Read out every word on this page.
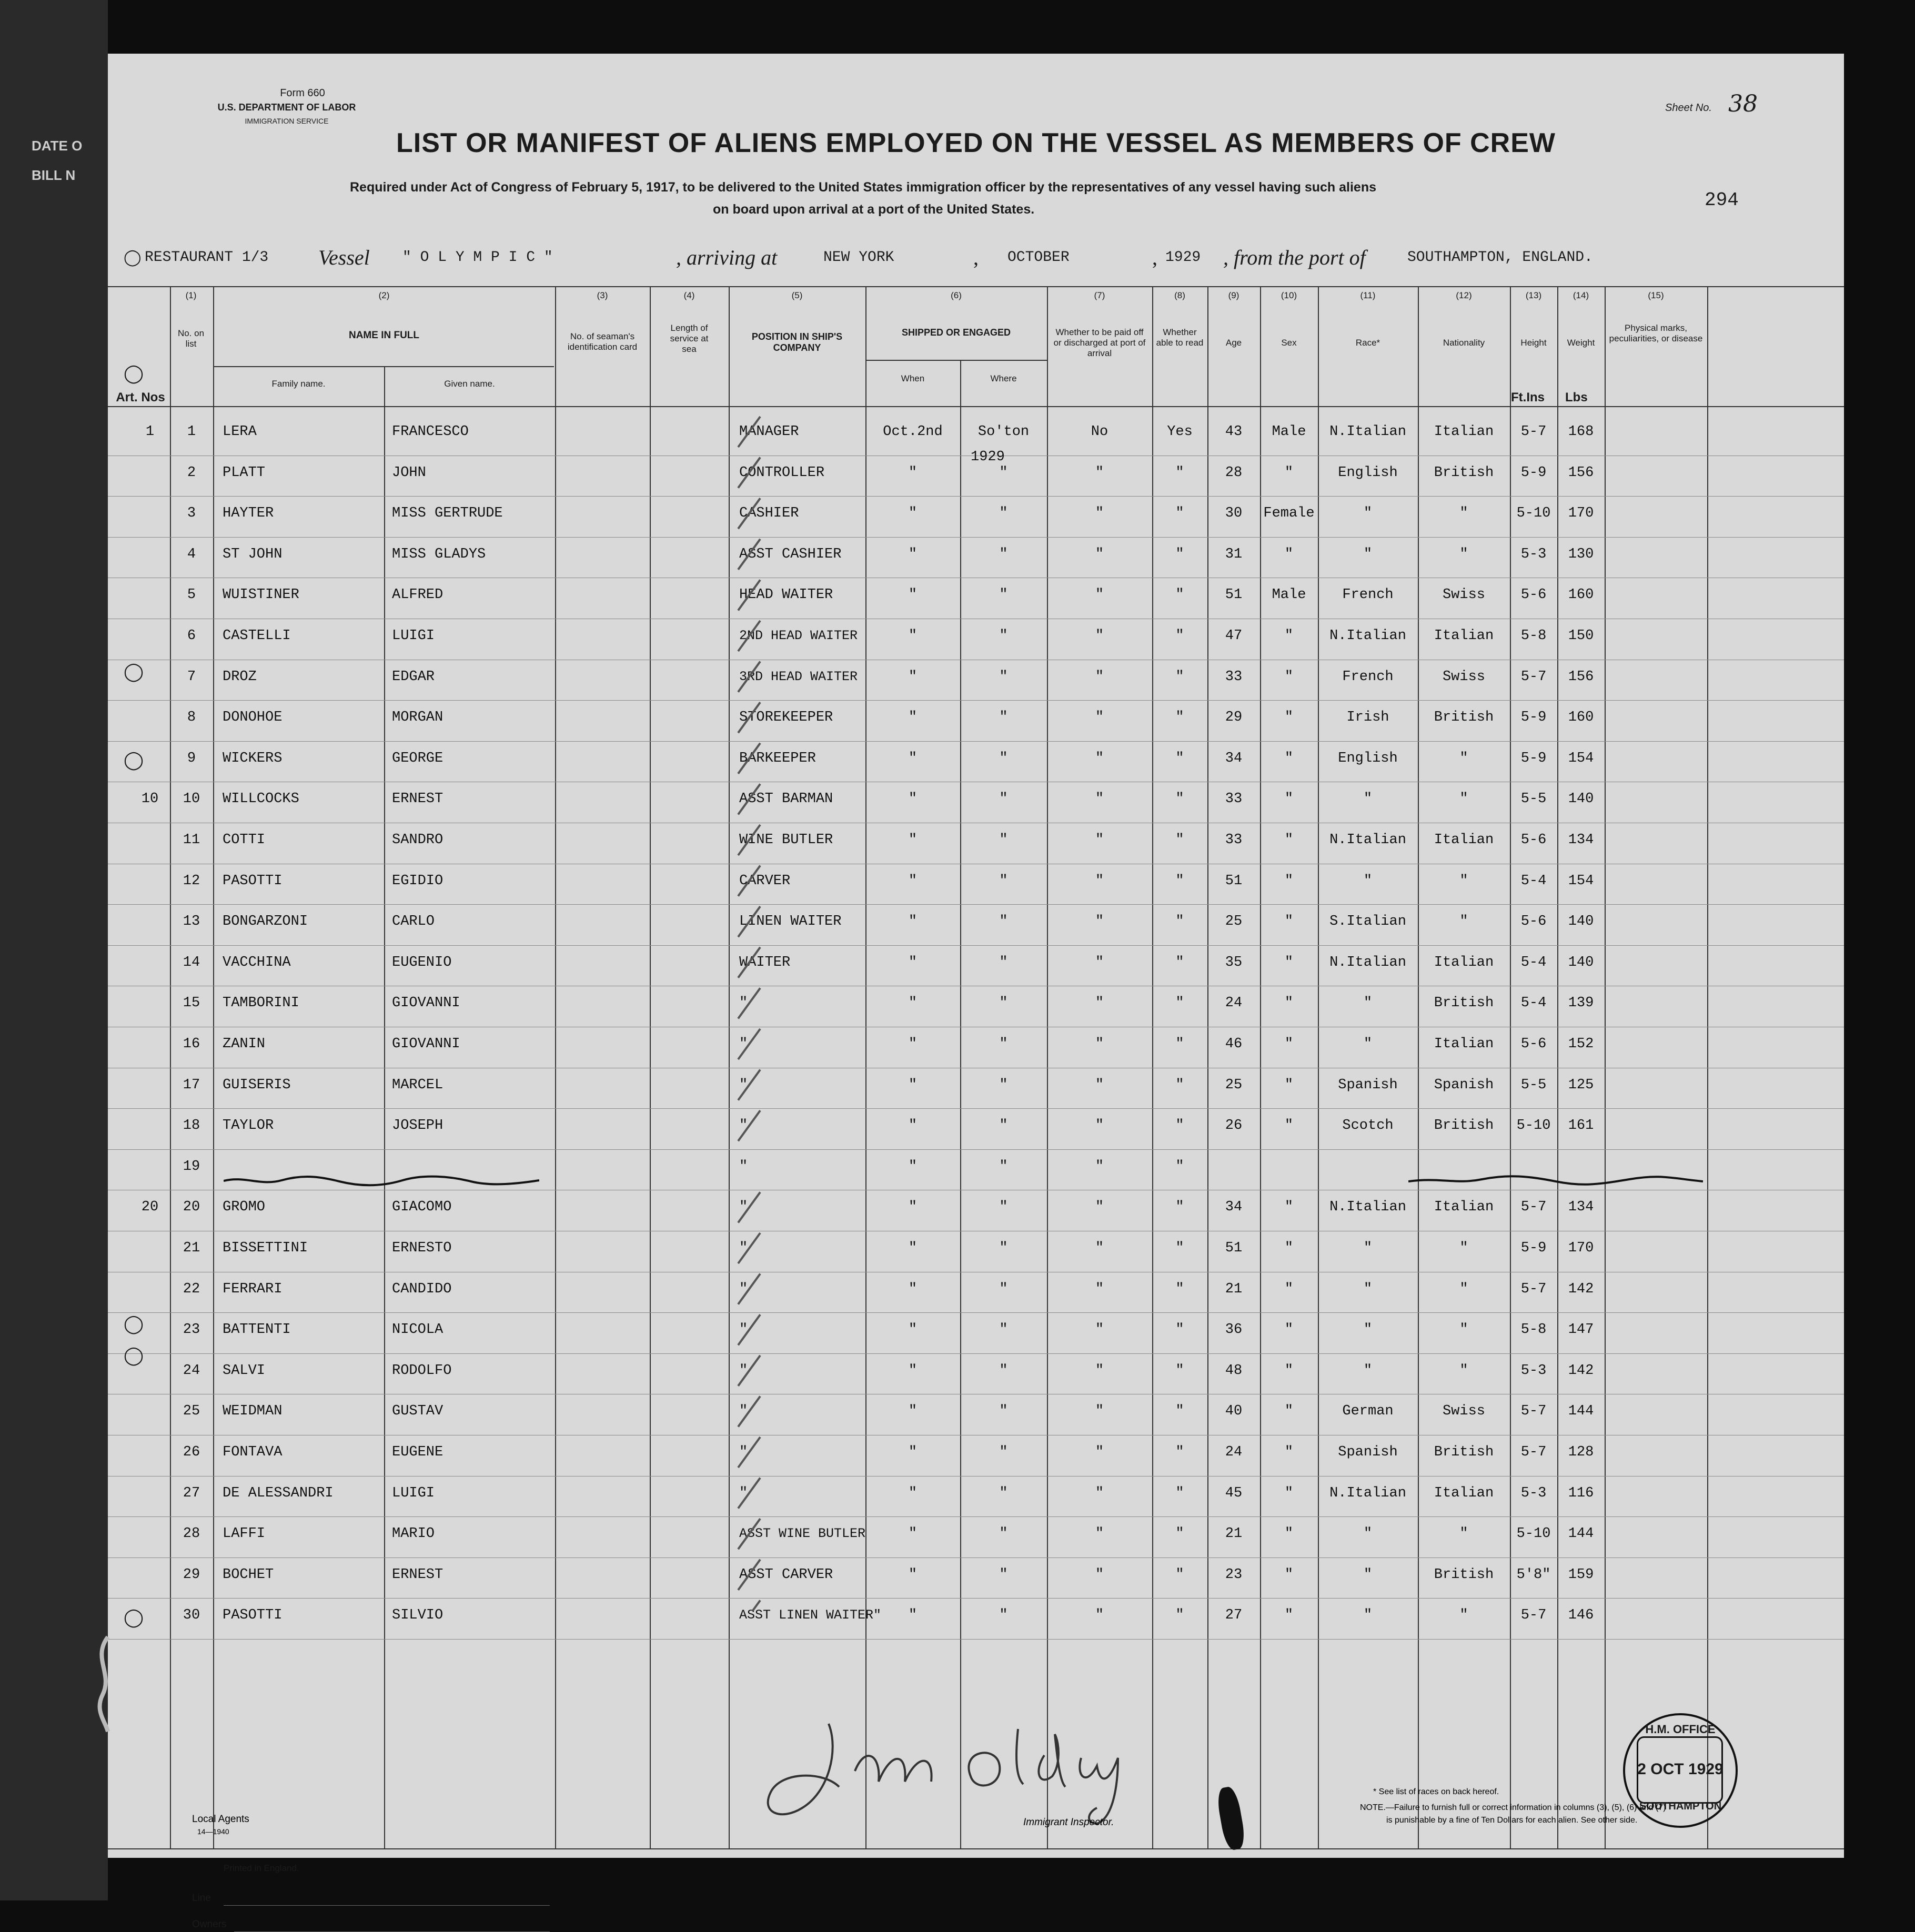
DATE O
BILL N
Form 660
U.S. DEPARTMENT OF LABOR
IMMIGRATION SERVICE
Sheet No. 38
LIST OR MANIFEST OF ALIENS EMPLOYED ON THE VESSEL AS MEMBERS OF CREW
Required under Act of Congress of February 5, 1917, to be delivered to the United States immigration officer by the representatives of any vessel having such aliens
on board upon arrival at a port of the United States.	294
◯ RESTAURANT 1/3 Vessel " O L Y M P I C "	, arriving at	NEW YORK	, OCTOBER	, 1929 , from the port of	SOUTHAMPTON, ENGLAND.
(1)
No. on list
(2)
NAME IN FULL
Family name.	Given name.
(3)
No. of seaman's identification card
(4)
Length of service at sea
(5)
POSITION IN SHIP'S COMPANY
(6)
SHIPPED OR ENGAGED
When	Where
(7)
Whether to be paid off or discharged at port of arrival
(8)
Whether able to read
(9)
Age
(10)
Sex
(11)
Race*
(12)
Nationality
(13)
Height
(14)
Weight
(15)
Physical marks, peculiarities, or disease
Art. Nos	Ft.Ins Lbs
1	1	LERA	FRANCESCO	MANAGER	Oct.2nd	So'ton	No	Yes	43	Male	N.Italian	Italian	5-7	168
2	PLATT	JOHN	CONTROLLER	"	"	"	"	28	"	English	British	5-9	156
3	HAYTER	MISS GERTRUDE	CASHIER	"	"	"	"	30	Female	"	"	5-10	170
4	ST JOHN	MISS GLADYS	ASST CASHIER	"	"	"	"	31	"	"	"	5-3	130
5	WUISTINER	ALFRED	HEAD WAITER	"	"	"	"	51	Male	French	Swiss	5-6	160
6	CASTELLI	LUIGI	2ND HEAD WAITER	"	"	"	"	47	"	N.Italian	Italian	5-8	150
7	DROZ	EDGAR	3RD HEAD WAITER	"	"	"	"	33	"	French	Swiss	5-7	156
8	DONOHOE	MORGAN	STOREKEEPER	"	"	"	"	29	"	Irish	British	5-9	160
9	WICKERS	GEORGE	BARKEEPER	"	"	"	"	34	"	English	"	5-9	154
10	10	WILLCOCKS	ERNEST	ASST BARMAN	"	"	"	"	33	"	"	"	5-5	140
11	COTTI	SANDRO	WINE BUTLER	"	"	"	"	33	"	N.Italian	Italian	5-6	134
12	PASOTTI	EGIDIO	CARVER	"	"	"	"	51	"	"	"	5-4	154
13	BONGARZONI	CARLO	LINEN WAITER	"	"	"	"	25	"	S.Italian	"	5-6	140
14	VACCHINA	EUGENIO	WAITER	"	"	"	"	35	"	N.Italian	Italian	5-4	140
15	TAMBORINI	GIOVANNI	"	"	"	"	"	24	"	"	British	5-4	139
16	ZANIN	GIOVANNI	"	"	"	"	"	46	"	"	Italian	5-6	152
17	GUISERIS	MARCEL	"	"	"	"	"	25	"	Spanish	Spanish	5-5	125
18	TAYLOR	JOSEPH	"	"	"	"	"	26	"	Scotch	British	5-10	161
19	"	"	"	"	"
20	20	GROMO	GIACOMO	"	"	"	"	"	34	"	N.Italian	Italian	5-7	134
21	BISSETTINI	ERNESTO	"	"	"	"	"	51	"	"	"	5-9	170
22	FERRARI	CANDIDO	"	"	"	"	"	21	"	"	"	5-7	142
23	BATTENTI	NICOLA	"	"	"	"	"	36	"	"	"	5-8	147
24	SALVI	RODOLFO	"	"	"	"	"	48	"	"	"	5-3	142
25	WEIDMAN	GUSTAV	"	"	"	"	"	40	"	German	Swiss	5-7	144
26	FONTAVA	EUGENE	"	"	"	"	"	24	"	Spanish	British	5-7	128
27	DE ALESSANDRI	LUIGI	"	"	"	"	"	45	"	N.Italian	Italian	5-3	116
28	LAFFI	MARIO	ASST WINE BUTLER	"	"	"	"	21	"	"	"	5-10	144
29	BOCHET	ERNEST	ASST CARVER	"	"	"	"	23	"	"	British	5'8"	159
30	PASOTTI	SILVIO	ASST LINEN WAITER"	"	"	"	"	27	"	"	"	5-7	146
1929
Printed in England.
Line
Owners
H.M. OFFICE
2 OCT 1929
SOUTHAMPTON
◯
◯
◯
◯
◯
◯
Local Agents
14—1940
Immigrant Inspector.
* See list of races on back hereof.
NOTE.—Failure to furnish full or correct information in columns (3), (5), (6) and (7)
is punishable by a fine of Ten Dollars for each alien. See other side.
